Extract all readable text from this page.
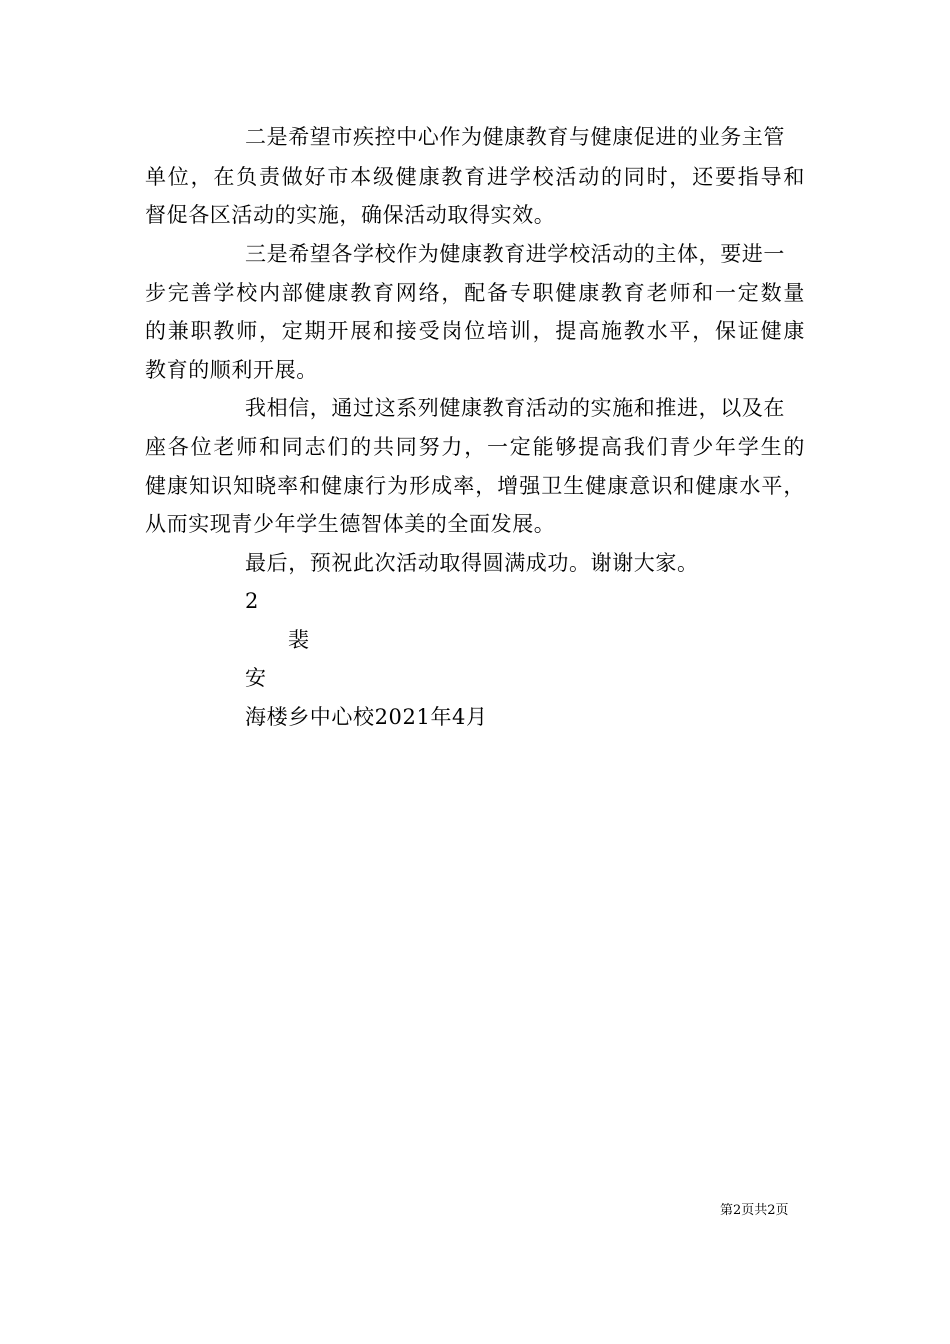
二是希望市疾控中心作为健康教育与健康促进的业务主管
单位，在负责做好市本级健康教育进学校活动的同时，还要指导和
督促各区活动的实施，确保活动取得实效。
三是希望各学校作为健康教育进学校活动的主体，要进一
步完善学校内部健康教育网络，配备专职健康教育老师和一定数量
的兼职教师，定期开展和接受岗位培训，提高施教水平，保证健康
教育的顺利开展。
我相信，通过这系列健康教育活动的实施和推进，以及在
座各位老师和同志们的共同努力，一定能够提高我们青少年学生的
健康知识知晓率和健康行为形成率，增强卫生健康意识和健康水平，
从而实现青少年学生德智体美的全面发展。
最后，预祝此次活动取得圆满成功。谢谢大家。
2
裴
安
海楼乡中心校2021年4月
第2页共2页
